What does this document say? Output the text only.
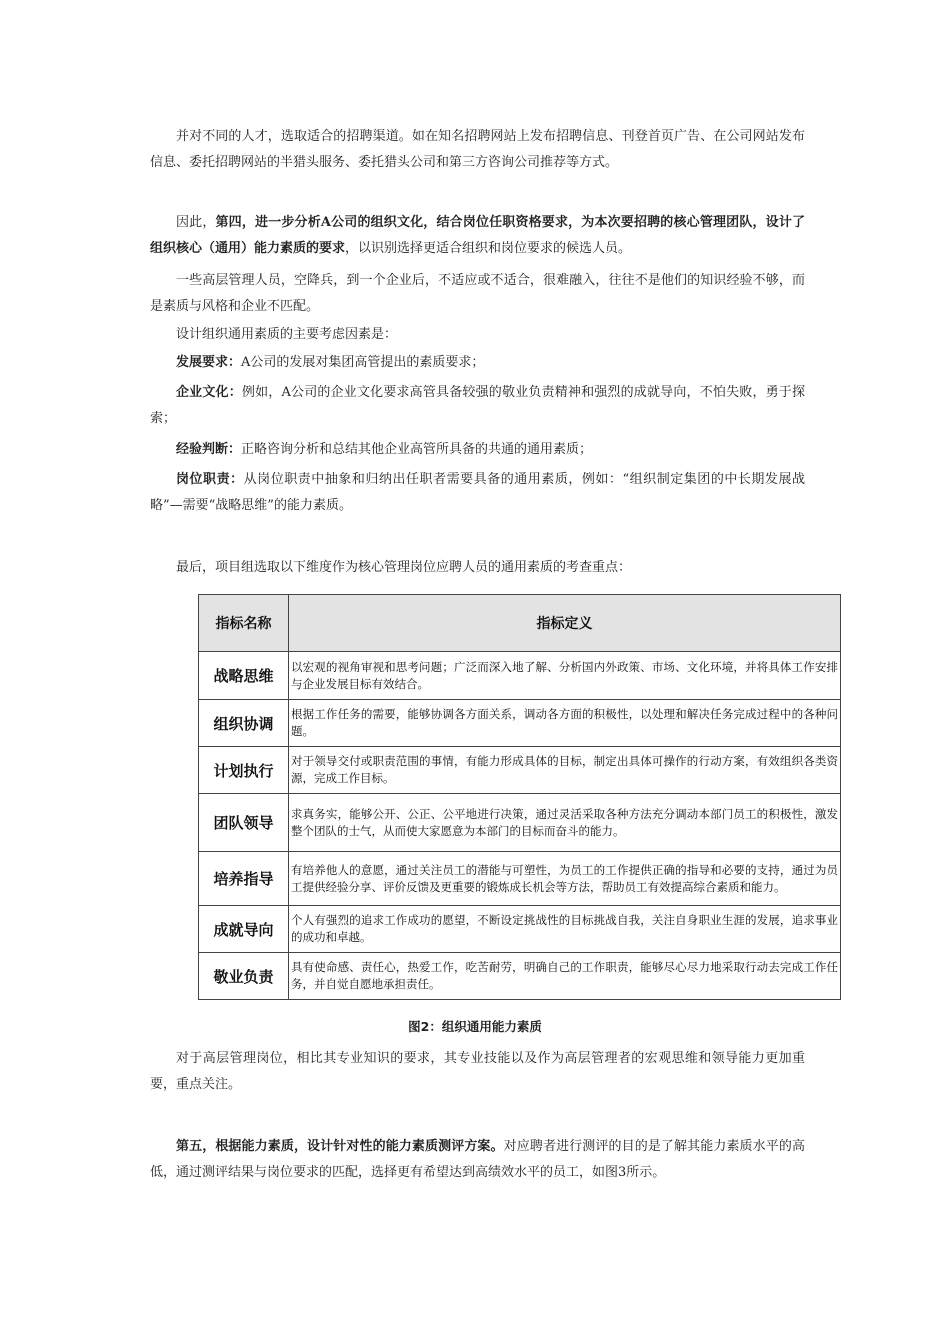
并对不同的人才，选取适合的招聘渠道。如在知名招聘网站上发布招聘信息、刊登首页广告、在公司网站发布信息、委托招聘网站的半猎头服务、委托猎头公司和第三方咨询公司推荐等方式。

因此，第四，进一步分析A公司的组织文化，结合岗位任职资格要求，为本次要招聘的核心管理团队，设计了组织核心（通用）能力素质的要求，以识别选择更适合组织和岗位要求的候选人员。

一些高层管理人员，空降兵，到一个企业后，不适应或不适合，很难融入，往往不是他们的知识经验不够，而是素质与风格和企业不匹配。

设计组织通用素质的主要考虑因素是：

发展要求：A公司的发展对集团高管提出的素质要求；

企业文化：例如，A公司的企业文化要求高管具备较强的敬业负责精神和强烈的成就导向，不怕失败，勇于探索；

经验判断：正略咨询分析和总结其他企业高管所具备的共通的通用素质；

岗位职责：从岗位职责中抽象和归纳出任职者需要具备的通用素质，例如：“组织制定集团的中长期发展战略”—需要“战略思维”的能力素质。

最后，项目组选取以下维度作为核心管理岗位应聘人员的通用素质的考查重点：

指标名称	指标定义
战略思维	以宏观的视角审视和思考问题；广泛而深入地了解、分析国内外政策、市场、文化环境，并将具体工作安排与企业发展目标有效结合。
组织协调	根据工作任务的需要，能够协调各方面关系，调动各方面的积极性，以处理和解决任务完成过程中的各种问题。
计划执行	对于领导交付或职责范围的事情，有能力形成具体的目标，制定出具体可操作的行动方案，有效组织各类资源，完成工作目标。
团队领导	求真务实，能够公开、公正、公平地进行决策，通过灵活采取各种方法充分调动本部门员工的积极性，激发整个团队的士气，从而使大家愿意为本部门的目标而奋斗的能力。
培养指导	有培养他人的意愿，通过关注员工的潜能与可塑性，为员工的工作提供正确的指导和必要的支持，通过为员工提供经验分享、评价反馈及更重要的锻炼成长机会等方法，帮助员工有效提高综合素质和能力。
成就导向	个人有强烈的追求工作成功的愿望，不断设定挑战性的目标挑战自我，关注自身职业生涯的发展，追求事业的成功和卓越。
敬业负责	具有使命感、责任心，热爱工作，吃苦耐劳，明确自己的工作职责，能够尽心尽力地采取行动去完成工作任务，并自觉自愿地承担责任。
图2：组织通用能力素质

对于高层管理岗位，相比其专业知识的要求，其专业技能以及作为高层管理者的宏观思维和领导能力更加重要，重点关注。

第五，根据能力素质，设计针对性的能力素质测评方案。对应聘者进行测评的目的是了解其能力素质水平的高低，通过测评结果与岗位要求的匹配，选择更有希望达到高绩效水平的员工，如图3所示。
